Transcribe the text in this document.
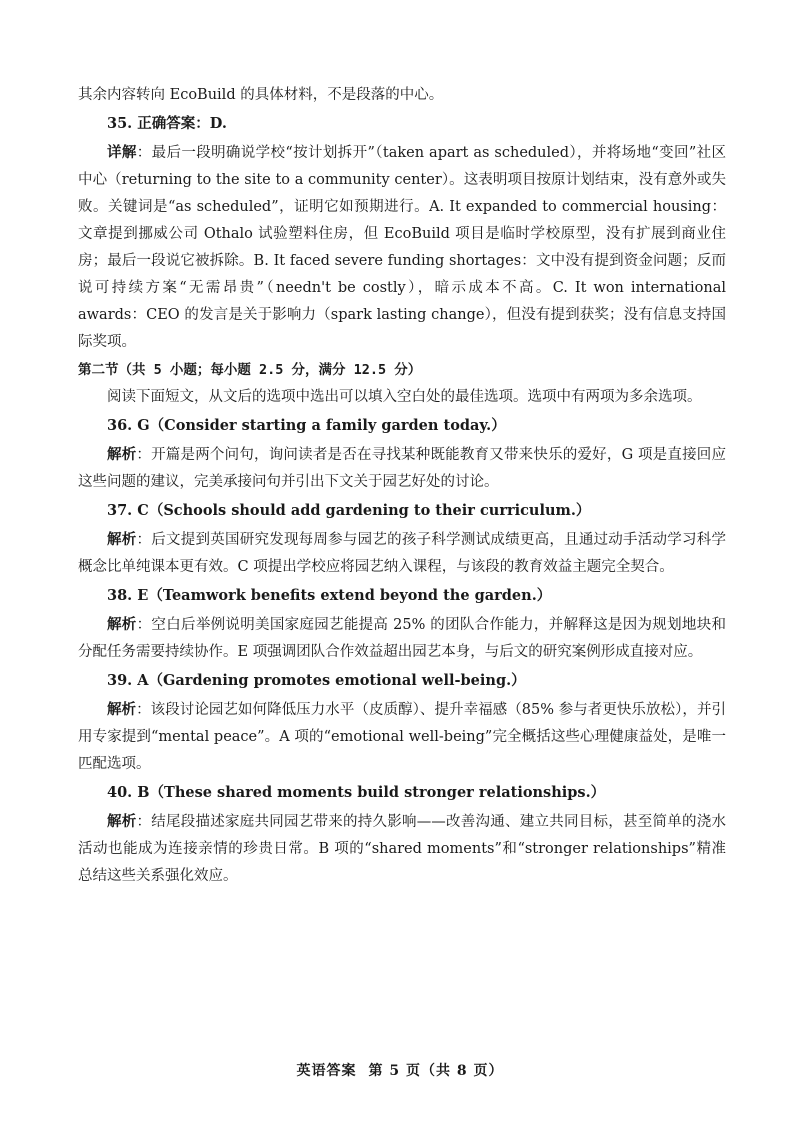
其余内容转向 EcoBuild 的具体材料，不是段落的中心。

35. 正确答案：D.

详解：最后一段明确说学校“按计划拆开”（taken apart as scheduled），并将场地“变回”社区中心（returning to the site to a community center）。这表明项目按原计划结束，没有意外或失败。关键词是“as scheduled”，证明它如预期进行。A. It expanded to commercial housing：文章提到挪威公司 Othalo 试验塑料住房，但 EcoBuild 项目是临时学校原型，没有扩展到商业住房；最后一段说它被拆除。B. It faced severe funding shortages：文中没有提到资金问题；反而说可持续方案“无需昂贵”（needn't be costly），暗示成本不高。C. It won international awards：CEO 的发言是关于影响力（spark lasting change），但没有提到获奖；没有信息支持国际奖项。

第二节（共 5 小题；每小题 2.5 分，满分 12.5 分）

阅读下面短文，从文后的选项中选出可以填入空白处的最佳选项。选项中有两项为多余选项。

36. G（Consider starting a family garden today.）

解析：开篇是两个问句，询问读者是否在寻找某种既能教育又带来快乐的爱好，G 项是直接回应这些问题的建议，完美承接问句并引出下文关于园艺好处的讨论。

37. C（Schools should add gardening to their curriculum.）

解析：后文提到英国研究发现每周参与园艺的孩子科学测试成绩更高，且通过动手活动学习科学概念比单纯课本更有效。C 项提出学校应将园艺纳入课程，与该段的教育效益主题完全契合。

38. E（Teamwork benefits extend beyond the garden.）

解析：空白后举例说明美国家庭园艺能提高 25% 的团队合作能力，并解释这是因为规划地块和分配任务需要持续协作。E 项强调团队合作效益超出园艺本身，与后文的研究案例形成直接对应。

39. A（Gardening promotes emotional well-being.）

解析：该段讨论园艺如何降低压力水平（皮质醇）、提升幸福感（85% 参与者更快乐放松），并引用专家提到“mental peace”。A 项的“emotional well-being”完全概括这些心理健康益处，是唯一匹配选项。

40. B（These shared moments build stronger relationships.）

解析：结尾段描述家庭共同园艺带来的持久影响——改善沟通、建立共同目标，甚至简单的浇水活动也能成为连接亲情的珍贵日常。B 项的“shared moments”和“stronger relationships”精准总结这些关系强化效应。

英语答案 第 5 页（共 8 页）
